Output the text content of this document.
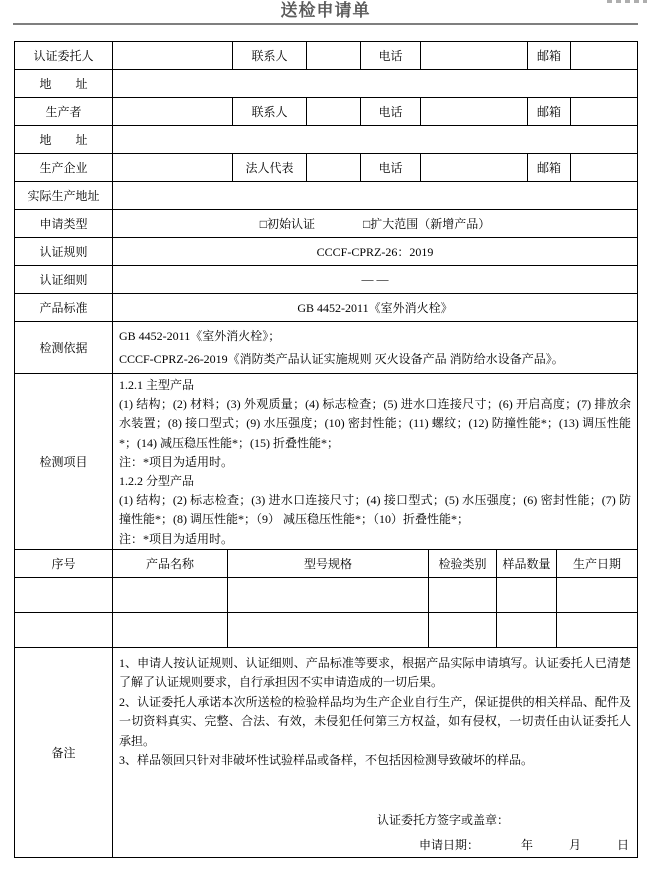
送检申请单
认证委托人		联系人		电话		邮箱	
地　　址							
生产者		联系人		电话		邮箱	
地　　址							
生产企业		法人代表		电话		邮箱	
实际生产地址							
申请类型	□初始认证 □扩大范围（新增产品）						
认证规则	CCCF-CPRZ-26：2019						
认证细则	— —						
产品标准	GB 4452-2011《室外消火栓》						
检测依据	GB 4452-2011《室外消火栓》；
CCCF-CPRZ-26-2019《消防类产品认证实施规则 灭火设备产品 消防给水设备产品》。						

检测项目	
1.2.1 主型产品
(1) 结构；(2) 材料；(3) 外观质量；(4) 标志检查；(5) 进水口连接尺寸；(6) 开启高度；(7) 排放余水装置；(8) 接口型式；(9) 水压强度；(10) 密封性能；(11) 螺纹；(12) 防撞性能*；(13) 调压性能*；(14) 减压稳压性能*；(15) 折叠性能*；
注：*项目为适用时。
1.2.2 分型产品
(1) 结构；(2) 标志检查；(3) 进水口连接尺寸；(4) 接口型式；(5) 水压强度；(6) 密封性能；(7) 防撞性能*；(8) 调压性能*；（9） 减压稳压性能*；（10）折叠性能*；
注：*项目为适用时。
序号	产品名称	型号规格	检验类别	样品数量	生产日期

备注	
1、申请人按认证规则、认证细则、产品标准等要求，根据产品实际申请填写。认证委托人已清楚了解了认证规则要求，自行承担因不实申请造成的一切后果。
2、认证委托人承诺本次所送检的检验样品均为生产企业自行生产，保证提供的相关样品、配件及一切资料真实、完整、合法、有效，未侵犯任何第三方权益，如有侵权，一切责任由认证委托人承担。
3、样品领回只针对非破坏性试验样品或备样，不包括因检测导致破坏的样品。
认证委托方签字或盖章：
申请日期：　　　　年　　　月　　　日
